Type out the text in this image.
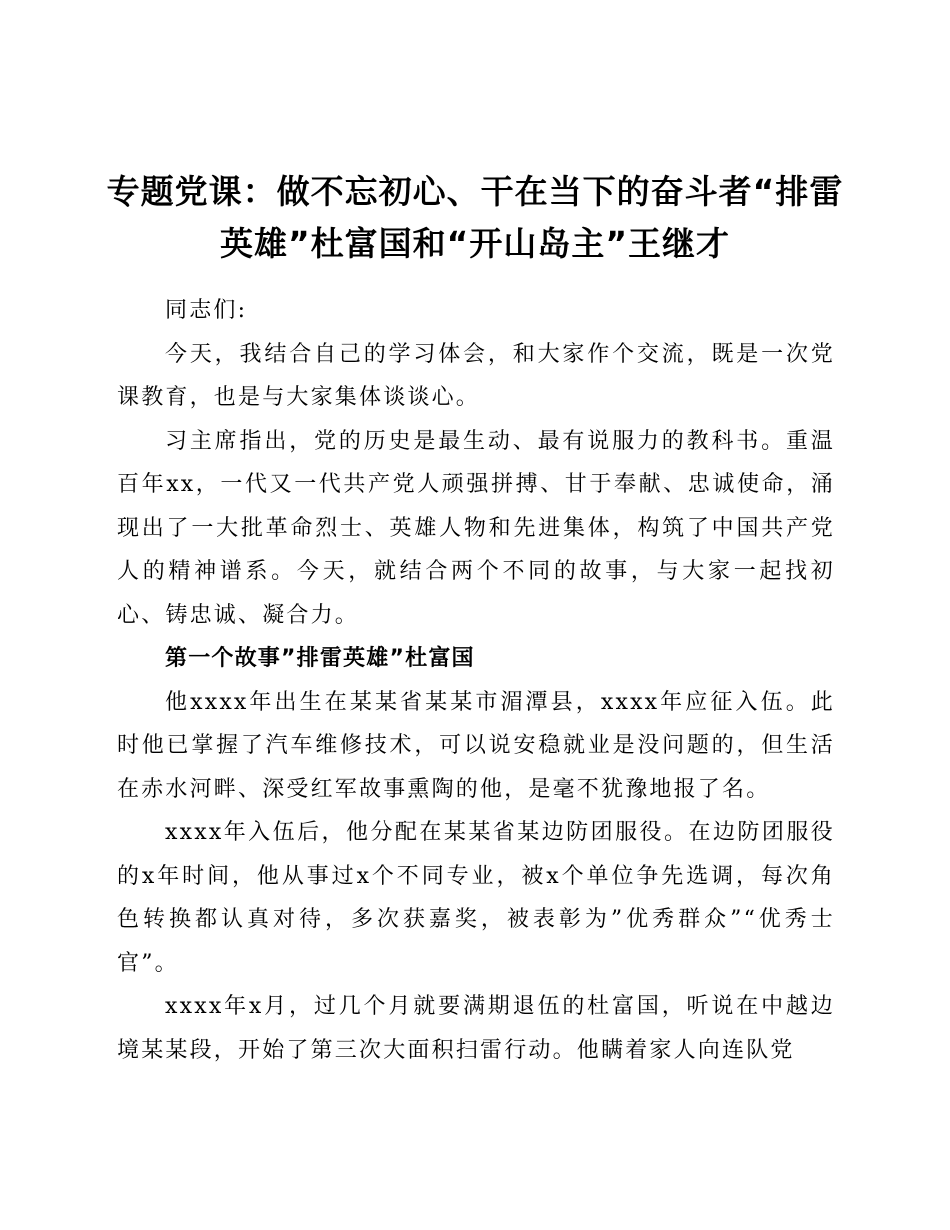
专题党课：做不忘初心、干在当下的奋斗者“排雷英雄”杜富国和“开山岛主”王继才

同志们:

今天，我结合自己的学习体会，和大家作个交流，既是一次党课教育，也是与大家集体谈谈心。

习主席指出，党的历史是最生动、最有说服力的教科书。重温百年xx，一代又一代共产党人顽强拼搏、甘于奉献、忠诚使命，涌现出了一大批革命烈士、英雄人物和先进集体，构筑了中国共产党人的精神谱系。今天，就结合两个不同的故事，与大家一起找初心、铸忠诚、凝合力。

第一个故事”排雷英雄”杜富国

他xxxx年出生在某某省某某市湄潭县，xxxx年应征入伍。此时他已掌握了汽车维修技术，可以说安稳就业是没问题的，但生活在赤水河畔、深受红军故事熏陶的他，是毫不犹豫地报了名。

xxxx年入伍后，他分配在某某省某边防团服役。在边防团服役的x年时间，他从事过x个不同专业，被x个单位争先选调，每次角色转换都认真对待，多次获嘉奖，被表彰为”优秀群众”“优秀士官”。

xxxx年x月，过几个月就要满期退伍的杜富国，听说在中越边境某某段，开始了第三次大面积扫雷行动。他瞒着家人向连队党
